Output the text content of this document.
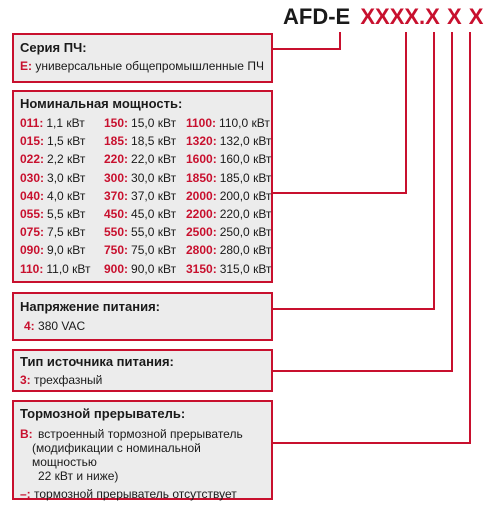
AFD-E XXXX.X X X
Серия ПЧ:
E: универсальные общепромышленные ПЧ
Номинальная мощность:
011: 1,1 кВт
015: 1,5 кВт
022: 2,2 кВт
030: 3,0 кВт
040: 4,0 кВт
055: 5,5 кВт
075: 7,5 кВт
090: 9,0 кВт
110: 11,0 кВт
150: 15,0 кВт
185: 18,5 кВт
220: 22,0 кВт
300: 30,0 кВт
370: 37,0 кВт
450: 45,0 кВт
550: 55,0 кВт
750: 75,0 кВт
900: 90,0 кВт
1100: 110,0 кВт
1320: 132,0 кВт
1600: 160,0 кВт
1850: 185,0 кВт
2000: 200,0 кВт
2200: 220,0 кВт
2500: 250,0 кВт
2800: 280,0 кВт
3150: 315,0 кВт
Напряжение питания:
4: 380 VAC
Тип источника питания:
3: трехфазный
Тормозной прерыватель:
B: встроенный тормозной прерыватель
(модификации с номинальной мощностью
22 кВт и ниже)
–: тормозной прерыватель отсутствует
